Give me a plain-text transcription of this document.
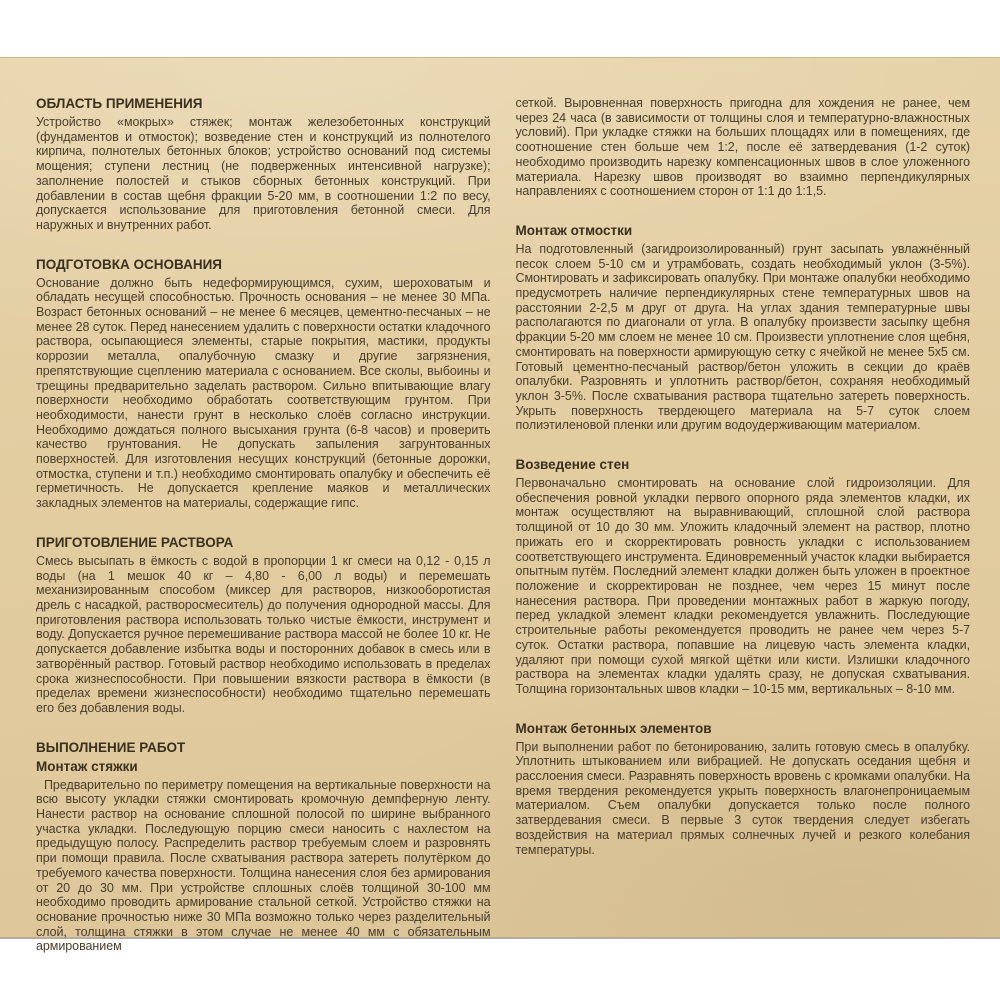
ОБЛАСТЬ ПРИМЕНЕНИЯ

Устройство «мокрых» стяжек; монтаж железобетонных конструкций (фундаментов и отмосток); возведение стен и конструкций из полнотелого кирпича, полнотелых бетонных блоков; устройство оснований под системы мощения; ступени лестниц (не подверженных интенсивной нагрузке); заполнение полостей и стыков сборных бетонных конструкций. При добавлении в состав щебня фракции 5-20 мм, в соотношении 1:2 по весу, допускается использование для приготовления бетонной смеси. Для наружных и внутренних работ.

ПОДГОТОВКА ОСНОВАНИЯ

Основание должно быть недеформирующимся, сухим, шероховатым и обладать несущей способностью. Прочность основания – не менее 30 МПа. Возраст бетонных оснований – не менее 6 месяцев, цементно-песчаных – не менее 28 суток. Перед нанесением удалить с поверхности остатки кладочного раствора, осыпающиеся элементы, старые покрытия, мастики, продукты коррозии металла, опалубочную смазку и другие загрязнения, препятствующие сцеплению материала с основанием. Все сколы, выбоины и трещины предварительно заделать раствором. Сильно впитывающие влагу поверхности необходимо обработать соответствующим грунтом. При необходимости, нанести грунт в несколько слоёв согласно инструкции. Необходимо дождаться полного высыхания грунта (6-8 часов) и проверить качество грунтования. Не допускать запыления загрунтованных поверхностей. Для изготовления несущих конструкций (бетонные дорожки, отмостка, ступени и т.п.) необходимо смонтировать опалубку и обеспечить её герметичность. Не допускается крепление маяков и металлических закладных элементов на материалы, содержащие гипс.

ПРИГОТОВЛЕНИЕ РАСТВОРА

Смесь высыпать в ёмкость с водой в пропорции 1 кг смеси на 0,12 - 0,15 л воды (на 1 мешок 40 кг – 4,80 - 6,00 л воды) и перемешать механизированным способом (миксер для растворов, низкооборотистая дрель с насадкой, растворосмеситель) до получения однородной массы. Для приготовления раствора использовать только чистые ёмкости, инструмент и воду. Допускается ручное перемешивание раствора массой не более 10 кг. Не допускается добавление избытка воды и посторонних добавок в смесь или в затворённый раствор. Готовый раствор необходимо использовать в пределах срока жизнеспособности. При повышении вязкости раствора в ёмкости (в пределах времени жизнеспособности) необходимо тщательно перемешать его без добавления воды.

ВЫПОЛНЕНИЕ РАБОТ
Монтаж стяжки

Предварительно по периметру помещения на вертикальные поверхности на всю высоту укладки стяжки смонтировать кромочную демпферную ленту. Нанести раствор на основание сплошной полосой по ширине выбранного участка укладки. Последующую порцию смеси наносить с нахлестом на предыдущую полосу. Распределить раствор требуемым слоем и разровнять при помощи правила. После схватывания раствора затереть полутёрком до требуемого качества поверхности. Толщина нанесения слоя без армирования от 20 до 30 мм. При устройстве сплошных слоёв толщиной 30-100 мм необходимо проводить армирование стальной сеткой. Устройство стяжки на основание прочностью ниже 30 МПа возможно только через разделительный слой, толщина стяжки в этом случае не менее 40 мм с обязательным армированием

сеткой. Выровненная поверхность пригодна для хождения не ранее, чем через 24 часа (в зависимости от толщины слоя и температурно-влажностных условий). При укладке стяжки на больших площадях или в помещениях, где соотношение стен больше чем 1:2, после её затвердевания (1-2 суток) необходимо производить нарезку компенсационных швов в слое уложенного материала. Нарезку швов производят во взаимно перпендикулярных направлениях с соотношением сторон от 1:1 до 1:1,5.

Монтаж отмостки

На подготовленный (загидроизолированный) грунт засыпать увлажнённый песок слоем 5-10 см и утрамбовать, создать необходимый уклон (3-5%). Смонтировать и зафиксировать опалубку. При монтаже опалубки необходимо предусмотреть наличие перпендикулярных стене температурных швов на расстоянии 2-2,5 м друг от друга. На углах здания температурные швы располагаются по диагонали от угла. В опалубку произвести засыпку щебня фракции 5-20 мм слоем не менее 10 см. Произвести уплотнение слоя щебня, смонтировать на поверхности армирующую сетку с ячейкой не менее 5х5 см. Готовый цементно-песчаный раствор/бетон уложить в секции до краёв опалубки. Разровнять и уплотнить раствор/бетон, сохраняя необходимый уклон 3-5%. После схватывания раствора тщательно затереть поверхность. Укрыть поверхность твердеющего материала на 5-7 суток слоем полиэтиленовой пленки или другим водоудерживающим материалом.

Возведение стен

Первоначально смонтировать на основание слой гидроизоляции. Для обеспечения ровной укладки первого опорного ряда элементов кладки, их монтаж осуществляют на выравнивающий, сплошной слой раствора толщиной от 10 до 30 мм. Уложить кладочный элемент на раствор, плотно прижать его и скорректировать ровность укладки с использованием соответствующего инструмента. Единовременный участок кладки выбирается опытным путём. Последний элемент кладки должен быть уложен в проектное положение и скорректирован не позднее, чем через 15 минут после нанесения раствора. При проведении монтажных работ в жаркую погоду, перед укладкой элемент кладки рекомендуется увлажнить. Последующие строительные работы рекомендуется проводить не ранее чем через 5-7 суток. Остатки раствора, попавшие на лицевую часть элемента кладки, удаляют при помощи сухой мягкой щётки или кисти. Излишки кладочного раствора на элементах кладки удалять сразу, не допуская схватывания. Толщина горизонтальных швов кладки – 10-15 мм, вертикальных – 8-10 мм.

Монтаж бетонных элементов

При выполнении работ по бетонированию, залить готовую смесь в опалубку. Уплотнить штыкованием или вибрацией. Не допускать оседания щебня и расслоения смеси. Разравнять поверхность вровень с кромками опалубки. На время твердения рекомендуется укрыть поверхность влагонепроницаемым материалом. Съем опалубки допускается только после полного затвердевания смеси. В первые 3 суток твердения следует избегать воздействия на материал прямых солнечных лучей и резкого колебания температуры.
